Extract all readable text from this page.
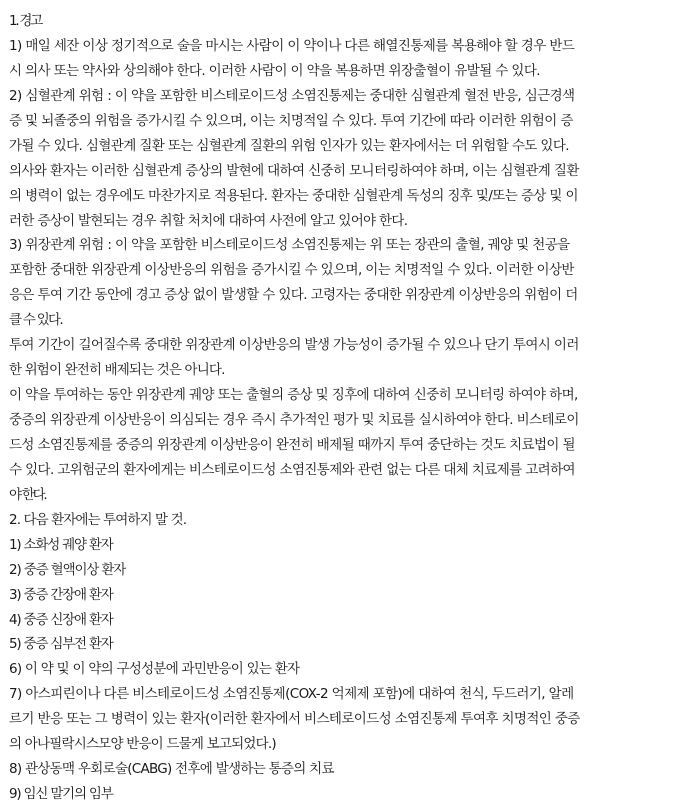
1. 경고
1) 매일 세잔 이상 정기적으로 술을 마시는 사람이 이 약이나 다른 해열진통제를 복용해야 할 경우 반드
시 의사 또는 약사와 상의해야 한다. 이러한 사람이 이 약을 복용하면 위장출혈이 유발될 수 있다.
2) 심혈관계 위험 : 이 약을 포함한 비스테로이드성 소염진통제는 중대한 심혈관계 혈전 반응, 심근경색
증 및 뇌졸중의 위험을 증가시킬 수 있으며, 이는 치명적일 수 있다. 투여 기간에 따라 이러한 위험이 증
가될 수 있다. 심혈관계 질환 또는 심혈관계 질환의 위험 인자가 있는 환자에서는 더 위험할 수도 있다.
의사와 환자는 이러한 심혈관계 증상의 발현에 대하여 신중히 모니터링하여야 하며, 이는 심혈관계 질환
의 병력이 없는 경우에도 마찬가지로 적용된다. 환자는 중대한 심혈관계 독성의 징후 및/또는 증상 및 이
러한 증상이 발현되는 경우 취할 처치에 대하여 사전에 알고 있어야 한다.
3) 위장관계 위험 : 이 약을 포함한 비스테로이드성 소염진통제는 위 또는 장관의 출혈, 궤양 및 천공을
포함한 중대한 위장관계 이상반응의 위험을 증가시킬 수 있으며, 이는 치명적일 수 있다. 이러한 이상반
응은 투여 기간 동안에 경고 증상 없이 발생할 수 있다. 고령자는 중대한 위장관계 이상반응의 위험이 더
클 수 있다.
투여 기간이 길어질수록 중대한 위장관계 이상반응의 발생 가능성이 증가될 수 있으나 단기 투여시 이러
한 위험이 완전히 배제되는 것은 아니다.
이 약을 투여하는 동안 위장관계 궤양 또는 출혈의 증상 및 징후에 대하여 신중히 모니터링 하여야 하며,
중증의 위장관계 이상반응이 의심되는 경우 즉시 추가적인 평가 및 치료를 실시하여야 한다. 비스테로이
드성 소염진통제를 중증의 위장관계 이상반응이 완전히 배제될 때까지 투여 중단하는 것도 치료법이 될
수 있다. 고위험군의 환자에게는 비스테로이드성 소염진통제와 관련 없는 다른 대체 치료제를 고려하여
야 한다.
2. 다음 환자에는 투여하지 말 것.
1) 소화성 궤양 환자
2) 중증 혈액이상 환자
3) 중증 간장애 환자
4) 중증 신장애 환자
5) 중증 심부전 환자
6) 이 약 및 이 약의 구성성분에 과민반응이 있는 환자
7) 아스피린이나 다른 비스테로이드성 소염진통제(COX-2 억제제 포함)에 대하여 천식, 두드러기, 알레
르기 반응 또는 그 병력이 있는 환자(이러한 환자에서 비스테로이드성 소염진통제 투여후 치명적인 중증
의 아나필락시스모양 반응이 드물게 보고되었다.)
8) 관상동맥 우회로술(CABG) 전후에 발생하는 통증의 치료
9) 임신 말기의 임부
